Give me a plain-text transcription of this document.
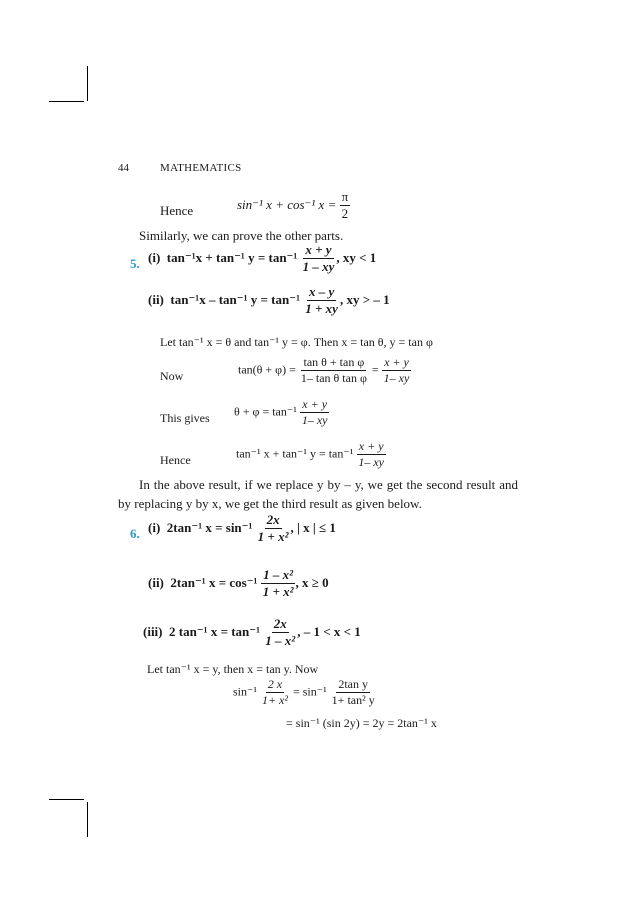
44	MATHEMATICS
Hence	sin⁻¹ x + cos⁻¹ $x = \frac{\pi}{2}$
Similarly, we can prove the other parts.
5. (i) tan⁻¹x + tan⁻¹ $y = \tan^{-1} \frac{x + y}{1 - xy}$ , xy < 1
(ii) tan⁻¹x – tan⁻¹ $y = \tan^{-1} \frac{x - y}{1 + xy}$ , xy > – 1
Let tan⁻¹ x = θ and tan⁻¹ y = φ. Then x = tan θ, y = tan φ
Now	$\tan(\theta + \varphi) = \frac{\text{tan θ + tan φ}}{\text{1– tan θ tan φ}} = \frac{x + y}{1- xy}$
This gives $\theta + \varphi = \tan^{-1} \frac{x + y}{1- xy}$
Hence	tan⁻¹ x + tan⁻¹ $y = \tan^{-1} \frac{x + y}{1- xy}$
In the above result, if we replace y by – y, we get the second result and by replacing y by x, we get the third result as given below.
6. (i) 2tan⁻¹ $x = \sin^{-1} \frac{2x}{\text{1 + x²}}$ , | x | ≤ 1
(ii) 2tan⁻¹ $x = \cos^{-1} \frac{\text{1 – x²}}{\text{1 + x²}}$ , x ≥ 0
(iii) 2 tan⁻¹ $x = \tan^{-1} \frac{2x}{\text{1 – x²}}$ , – 1 < x < 1
Let tan⁻¹ x = y, then x = tan y. Now
$\sin^{-1} \frac{2 x}{\text{1+ x²}} = \sin^{-1} \frac{\text{2tan y}}{\text{1+ tan² y}}$
= sin⁻¹ (sin 2y) = 2y = 2tan⁻¹ x
